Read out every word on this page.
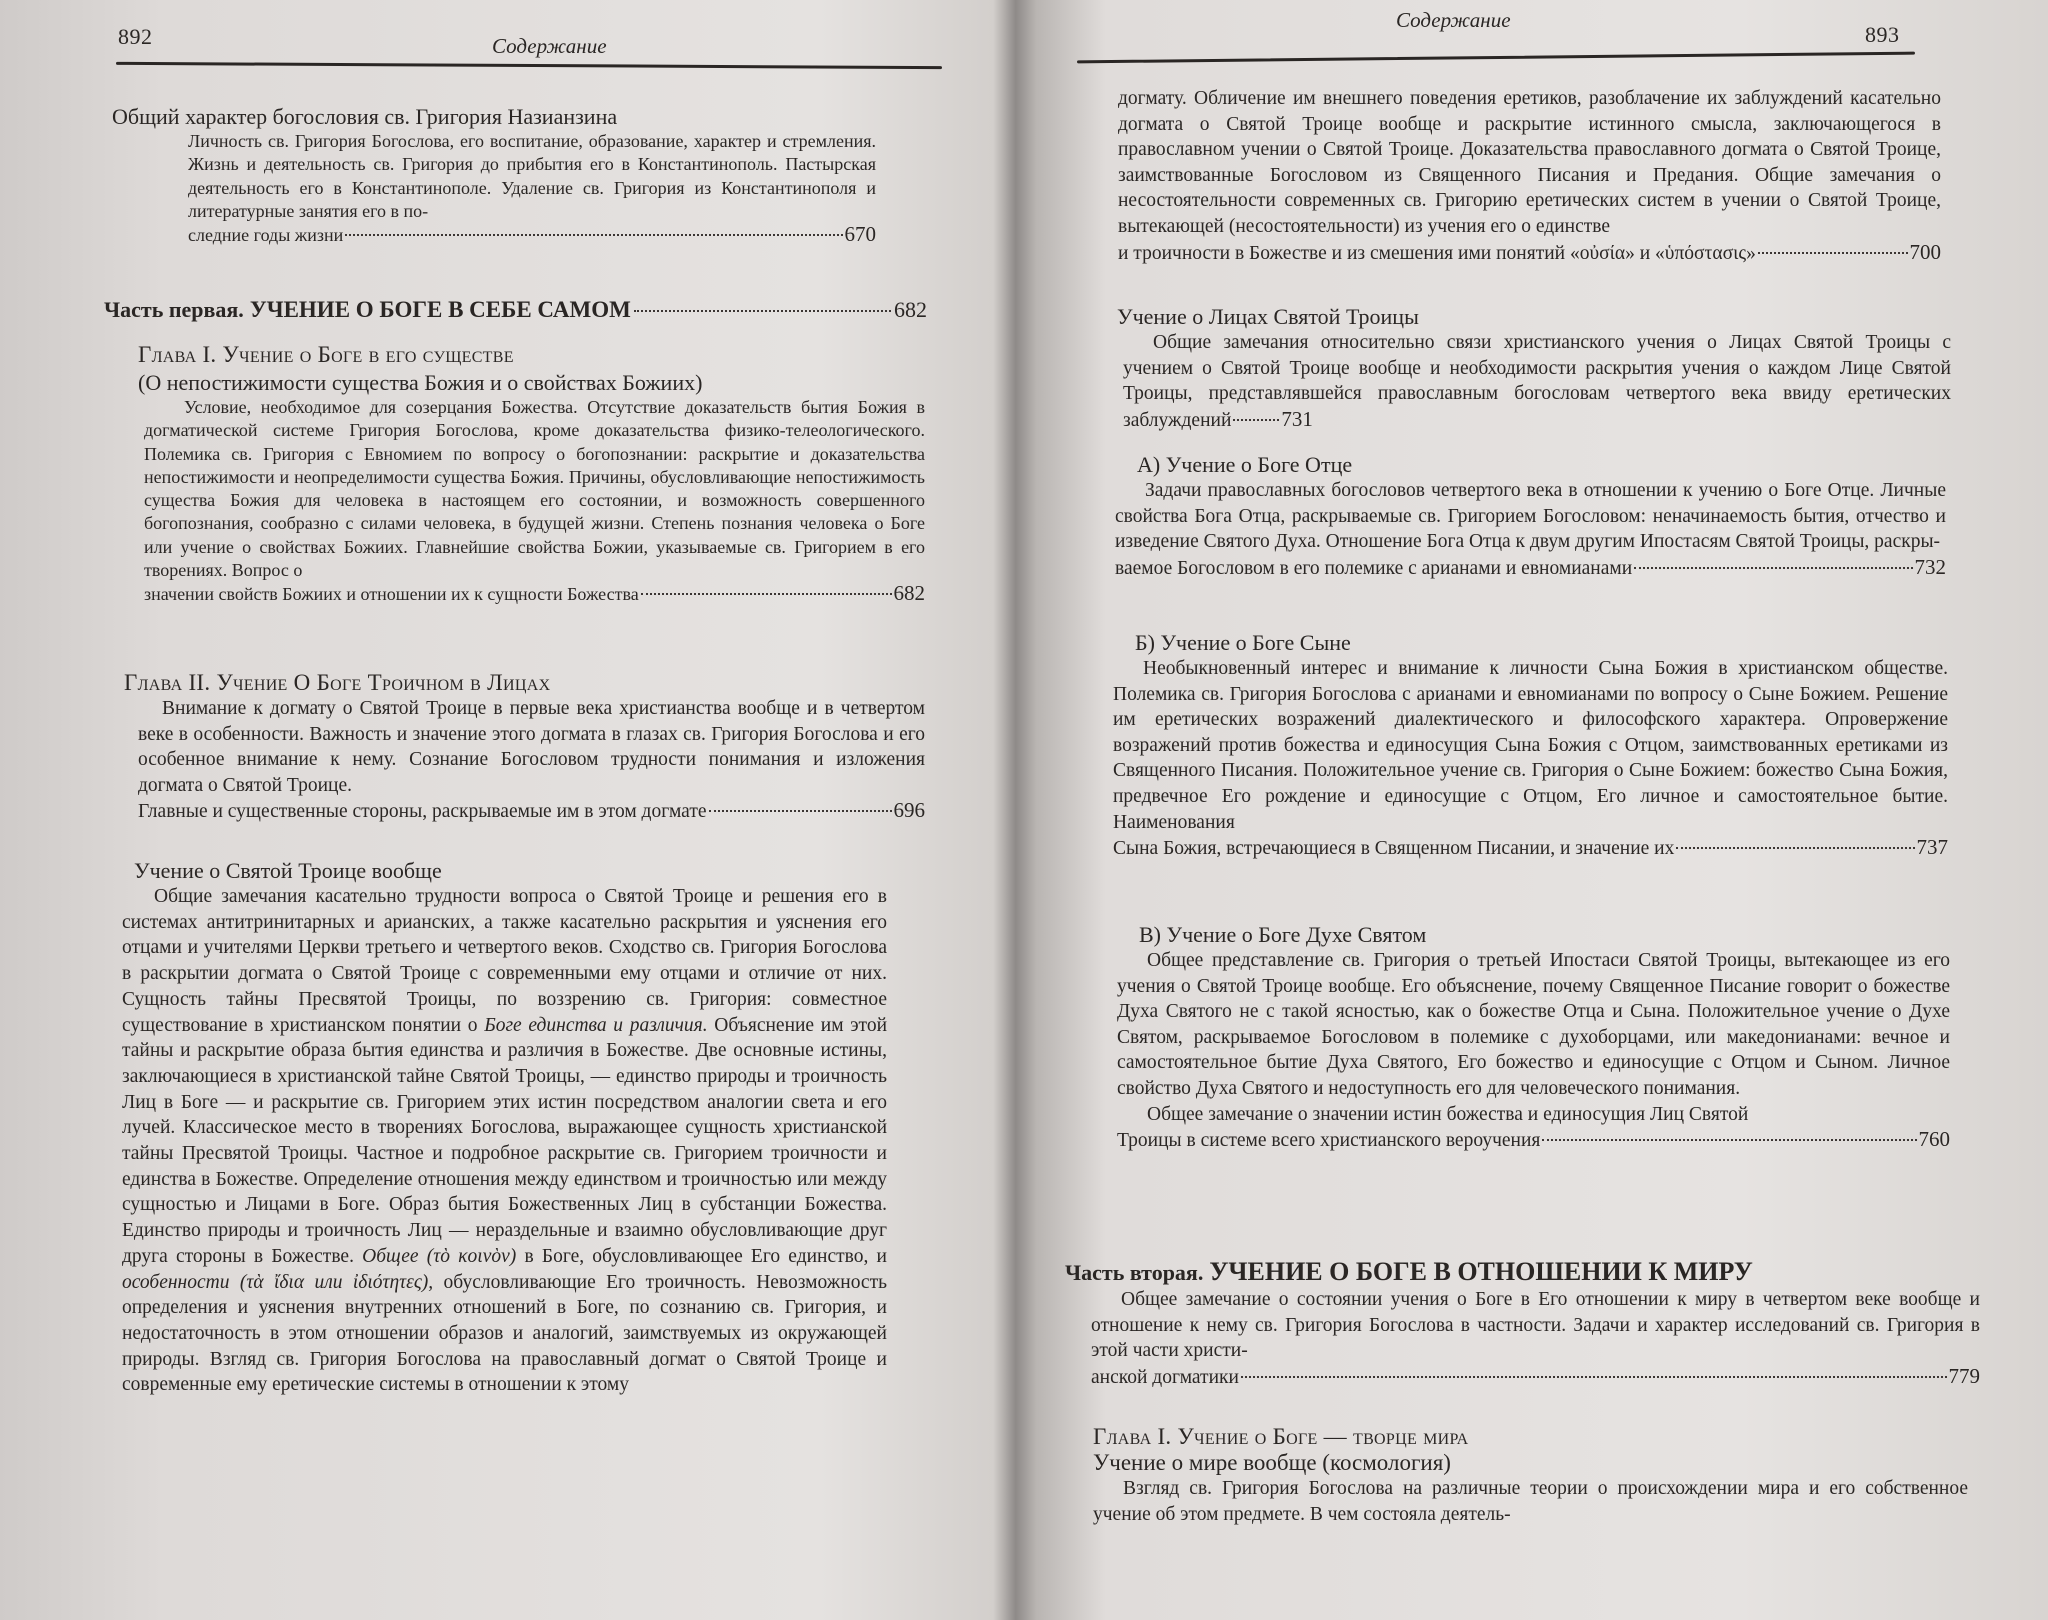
892	Содержание
Общий характер богословия св. Григория Назианзина
Личность св. Григория Богослова, его воспитание, образование, характер и стремления. Жизнь и деятельность св. Григория до прибытия его в Константинополь. Пастырская деятельность его в Константинополе. Удаление св. Григория из Константинополя и литературные занятия его в по-
следние годы жизни	670
Часть первая. УЧЕНИЕ О БОГЕ В СЕБЕ САМОМ	682
Глава I. Учение о Боге в его существе
(О непостижимости существа Божия и о свойствах Божиих)
Условие, необходимое для созерцания Божества. Отсутствие доказательств бытия Божия в догматической системе Григория Богослова, кроме доказательства физико-телеологического. Полемика св. Григория с Евномием по вопросу о богопознании: раскрытие и доказательства непостижимости и неопределимости существа Божия. Причины, обусловливающие непостижимость существа Божия для человека в настоящем его состоянии, и возможность совершенного богопознания, сообразно с силами человека, в будущей жизни. Степень познания человека о Боге или учение о свойствах Божиих. Главнейшие свойства Божии, указываемые св. Григорием в его творениях. Вопрос о
значении свойств Божиих и отношении их к сущности Божества	682
Глава II. Учение О Боге Троичном в Лицах
Внимание к догмату о Святой Троице в первые века христианства вообще и в четвертом веке в особенности. Важность и значение этого догмата в глазах св. Григория Богослова и его особенное внимание к нему. Сознание Богословом трудности понимания и изложения догмата о Святой Троице.
Главные и существенные стороны, раскрываемые им в этом догмате	696
Учение о Святой Троице вообще
Общие замечания касательно трудности вопроса о Святой Троице и решения его в системах антитринитарных и арианских, а также касательно раскрытия и уяснения его отцами и учителями Церкви третьего и четвертого веков. Сходство св. Григория Богослова в раскрытии догмата о Святой Троице с современными ему отцами и отличие от них. Сущность тайны Пресвятой Троицы, по воззрению св. Григория: совместное существование в христианском понятии о Боге единства и различия. Объяснение им этой тайны и раскрытие образа бытия единства и различия в Божестве. Две основные истины, заключающиеся в христианской тайне Святой Троицы, — единство природы и троичность Лиц в Боге — и раскрытие св. Григорием этих истин посредством аналогии света и его лучей. Классическое место в творениях Богослова, выражающее сущность христианской тайны Пресвятой Троицы. Частное и подробное раскрытие св. Григорием троичности и единства в Божестве. Определение отношения между единством и троичностью или между сущностью и Лицами в Боге. Образ бытия Божественных Лиц в субстанции Божества. Единство природы и троичность Лиц — нераздельные и взаимно обусловливающие друг друга стороны в Божестве. Общее (τὸ κοινὸν) в Боге, обусловливающее Его единство, и особенности (τὰ ἴδια или ἰδιότητες), обусловливающие Его троичность. Невозможность определения и уяснения внутренних отношений в Боге, по сознанию св. Григория, и недостаточность в этом отношении образов и аналогий, заимствуемых из окружающей природы. Взгляд св. Григория Богослова на православный догмат о Святой Троице и современные ему еретические системы в отношении к этому
Содержание
893
догмату. Обличение им внешнего поведения еретиков, разоблачение их заблуждений касательно догмата о Святой Троице вообще и раскрытие истинного смысла, заключающегося в православном учении о Святой Троице. Доказательства православного догмата о Святой Троице, заимствованные Богословом из Священного Писания и Предания. Общие замечания о несостоятельности современных св. Григорию еретических систем в учении о Святой Троице, вытекающей (несостоятельности) из учения его о единстве
и троичности в Божестве и из смешения ими понятий «οὐσία» и «ὑπόστασις»	700
Учение о Лицах Святой Троицы
Общие замечания относительно связи христианского учения о Лицах Святой Троицы с учением о Святой Троице вообще и необходимости раскрытия учения о каждом Лице Святой Троицы, представлявшейся православным богословам четвертого века ввиду еретических заблуждений 731
А) Учение о Боге Отце
Задачи православных богословов четвертого века в отношении к учению о Боге Отце. Личные свойства Бога Отца, раскрываемые св. Григорием Богословом: неначинаемость бытия, отчество и изведение Святого Духа. Отношение Бога Отца к двум другим Ипостасям Святой Троицы, раскры-
ваемое Богословом в его полемике с арианами и евномианами	732
Б) Учение о Боге Сыне
Необыкновенный интерес и внимание к личности Сына Божия в христианском обществе. Полемика св. Григория Богослова с арианами и евномианами по вопросу о Сыне Божием. Решение им еретических возражений диалектического и философского характера. Опровержение возражений против божества и единосущия Сына Божия с Отцом, заимствованных еретиками из Священного Писания. Положительное учение св. Григория о Сыне Божием: божество Сына Божия, предвечное Его рождение и единосущие с Отцом, Его личное и самостоятельное бытие. Наименования
Сына Божия, встречающиеся в Священном Писании, и значение их	737
В) Учение о Боге Духе Святом
Общее представление св. Григория о третьей Ипостаси Святой Троицы, вытекающее из его учения о Святой Троице вообще. Его объяснение, почему Священное Писание говорит о божестве Духа Святого не с такой ясностью, как о божестве Отца и Сына. Положительное учение о Духе Святом, раскрываемое Богословом в полемике с духоборцами, или македонианами: вечное и самостоятельное бытие Духа Святого, Его божество и единосущие с Отцом и Сыном. Личное свойство Духа Святого и недоступность его для человеческого понимания.
Общее замечание о значении истин божества и единосущия Лиц Святой
Троицы в системе всего христианского вероучения	760
Часть вторая. УЧЕНИЕ О БОГЕ В ОТНОШЕНИИ К МИРУ
Общее замечание о состоянии учения о Боге в Его отношении к миру в четвертом веке вообще и отношение к нему св. Григория Богослова в частности. Задачи и характер исследований св. Григория в этой части христи-
анской догматики	779
Глава I. Учение о Боге — творце мира
Учение о мире вообще (космология)
Взгляд св. Григория Богослова на различные теории о происхождении мира и его собственное учение об этом предмете. В чем состояла деятель-
